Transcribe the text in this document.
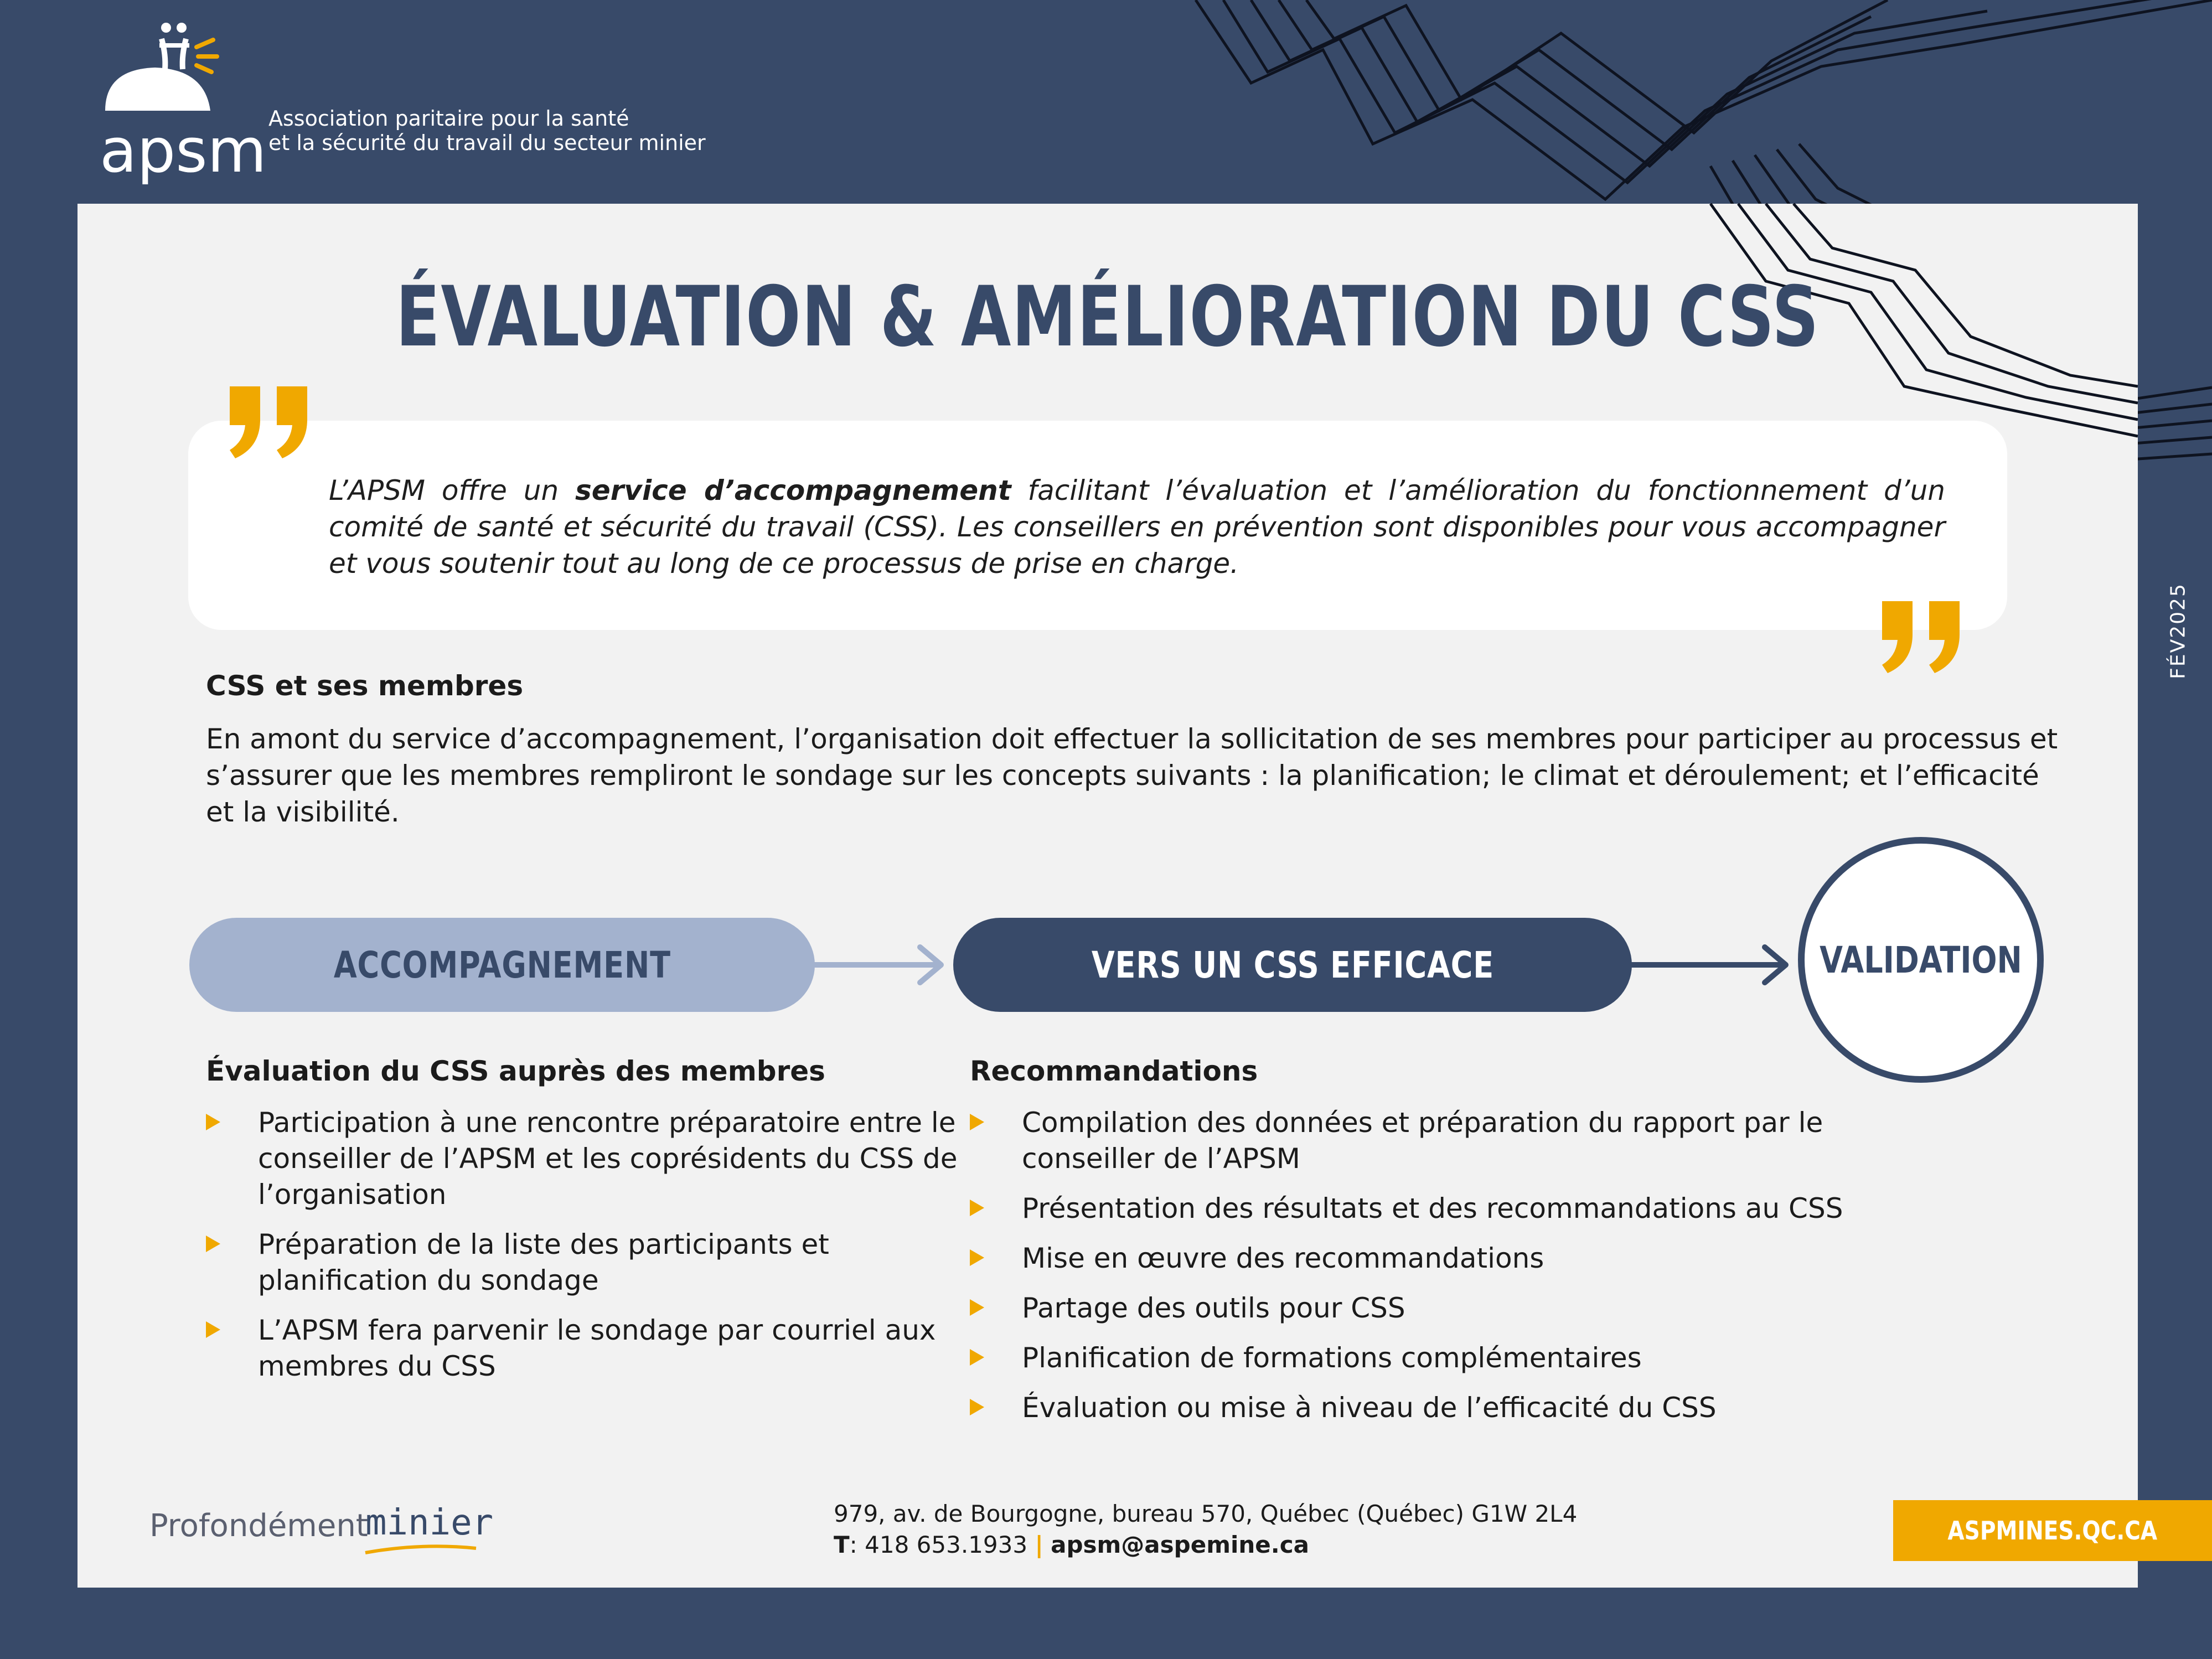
apsm Association paritaire pour la santé
et la sécurité du travail du secteur minier
FÉV2025
ÉVALUATION & AMÉLIORATION DU CSS
L’APSM offre un service d’accompagnement facilitant l’évaluation et l’amélioration du fonctionnement d’un comité de santé et sécurité du travail (CSS). Les conseillers en prévention sont disponibles pour vous accompagner et vous soutenir tout au long de ce processus de prise en charge.
CSS et ses membres
En amont du service d’accompagnement, l’organisation doit effectuer la sollicitation de ses membres pour participer au processus et s’assurer que les membres rempliront le sondage sur les concepts suivants : la planification; le climat et déroulement; et l’efficacité et la visibilité.
ACCOMPAGNEMENT	VERS UN CSS EFFICACE	VALIDATION
Évaluation du CSS auprès des membres
Participation à une rencontre préparatoire entre le conseiller de l’APSM et les coprésidents du CSS de l’organisation
Préparation de la liste des participants et planification du sondage
L’APSM fera parvenir le sondage par courriel aux membres du CSS
Recommandations
Compilation des données et préparation du rapport par le conseiller de l’APSM
Présentation des résultats et des recommandations au CSS
Mise en œuvre des recommandations
Partage des outils pour CSS
Planification de formations complémentaires
Évaluation ou mise à niveau de l’efficacité du CSS
Profondément
minier	979, av. de Bourgogne, bureau 570, Québec (Québec) G1W 2L4
T: 418 653.1933 | apsm@aspemine.ca	ASPMINES.QC.CA
